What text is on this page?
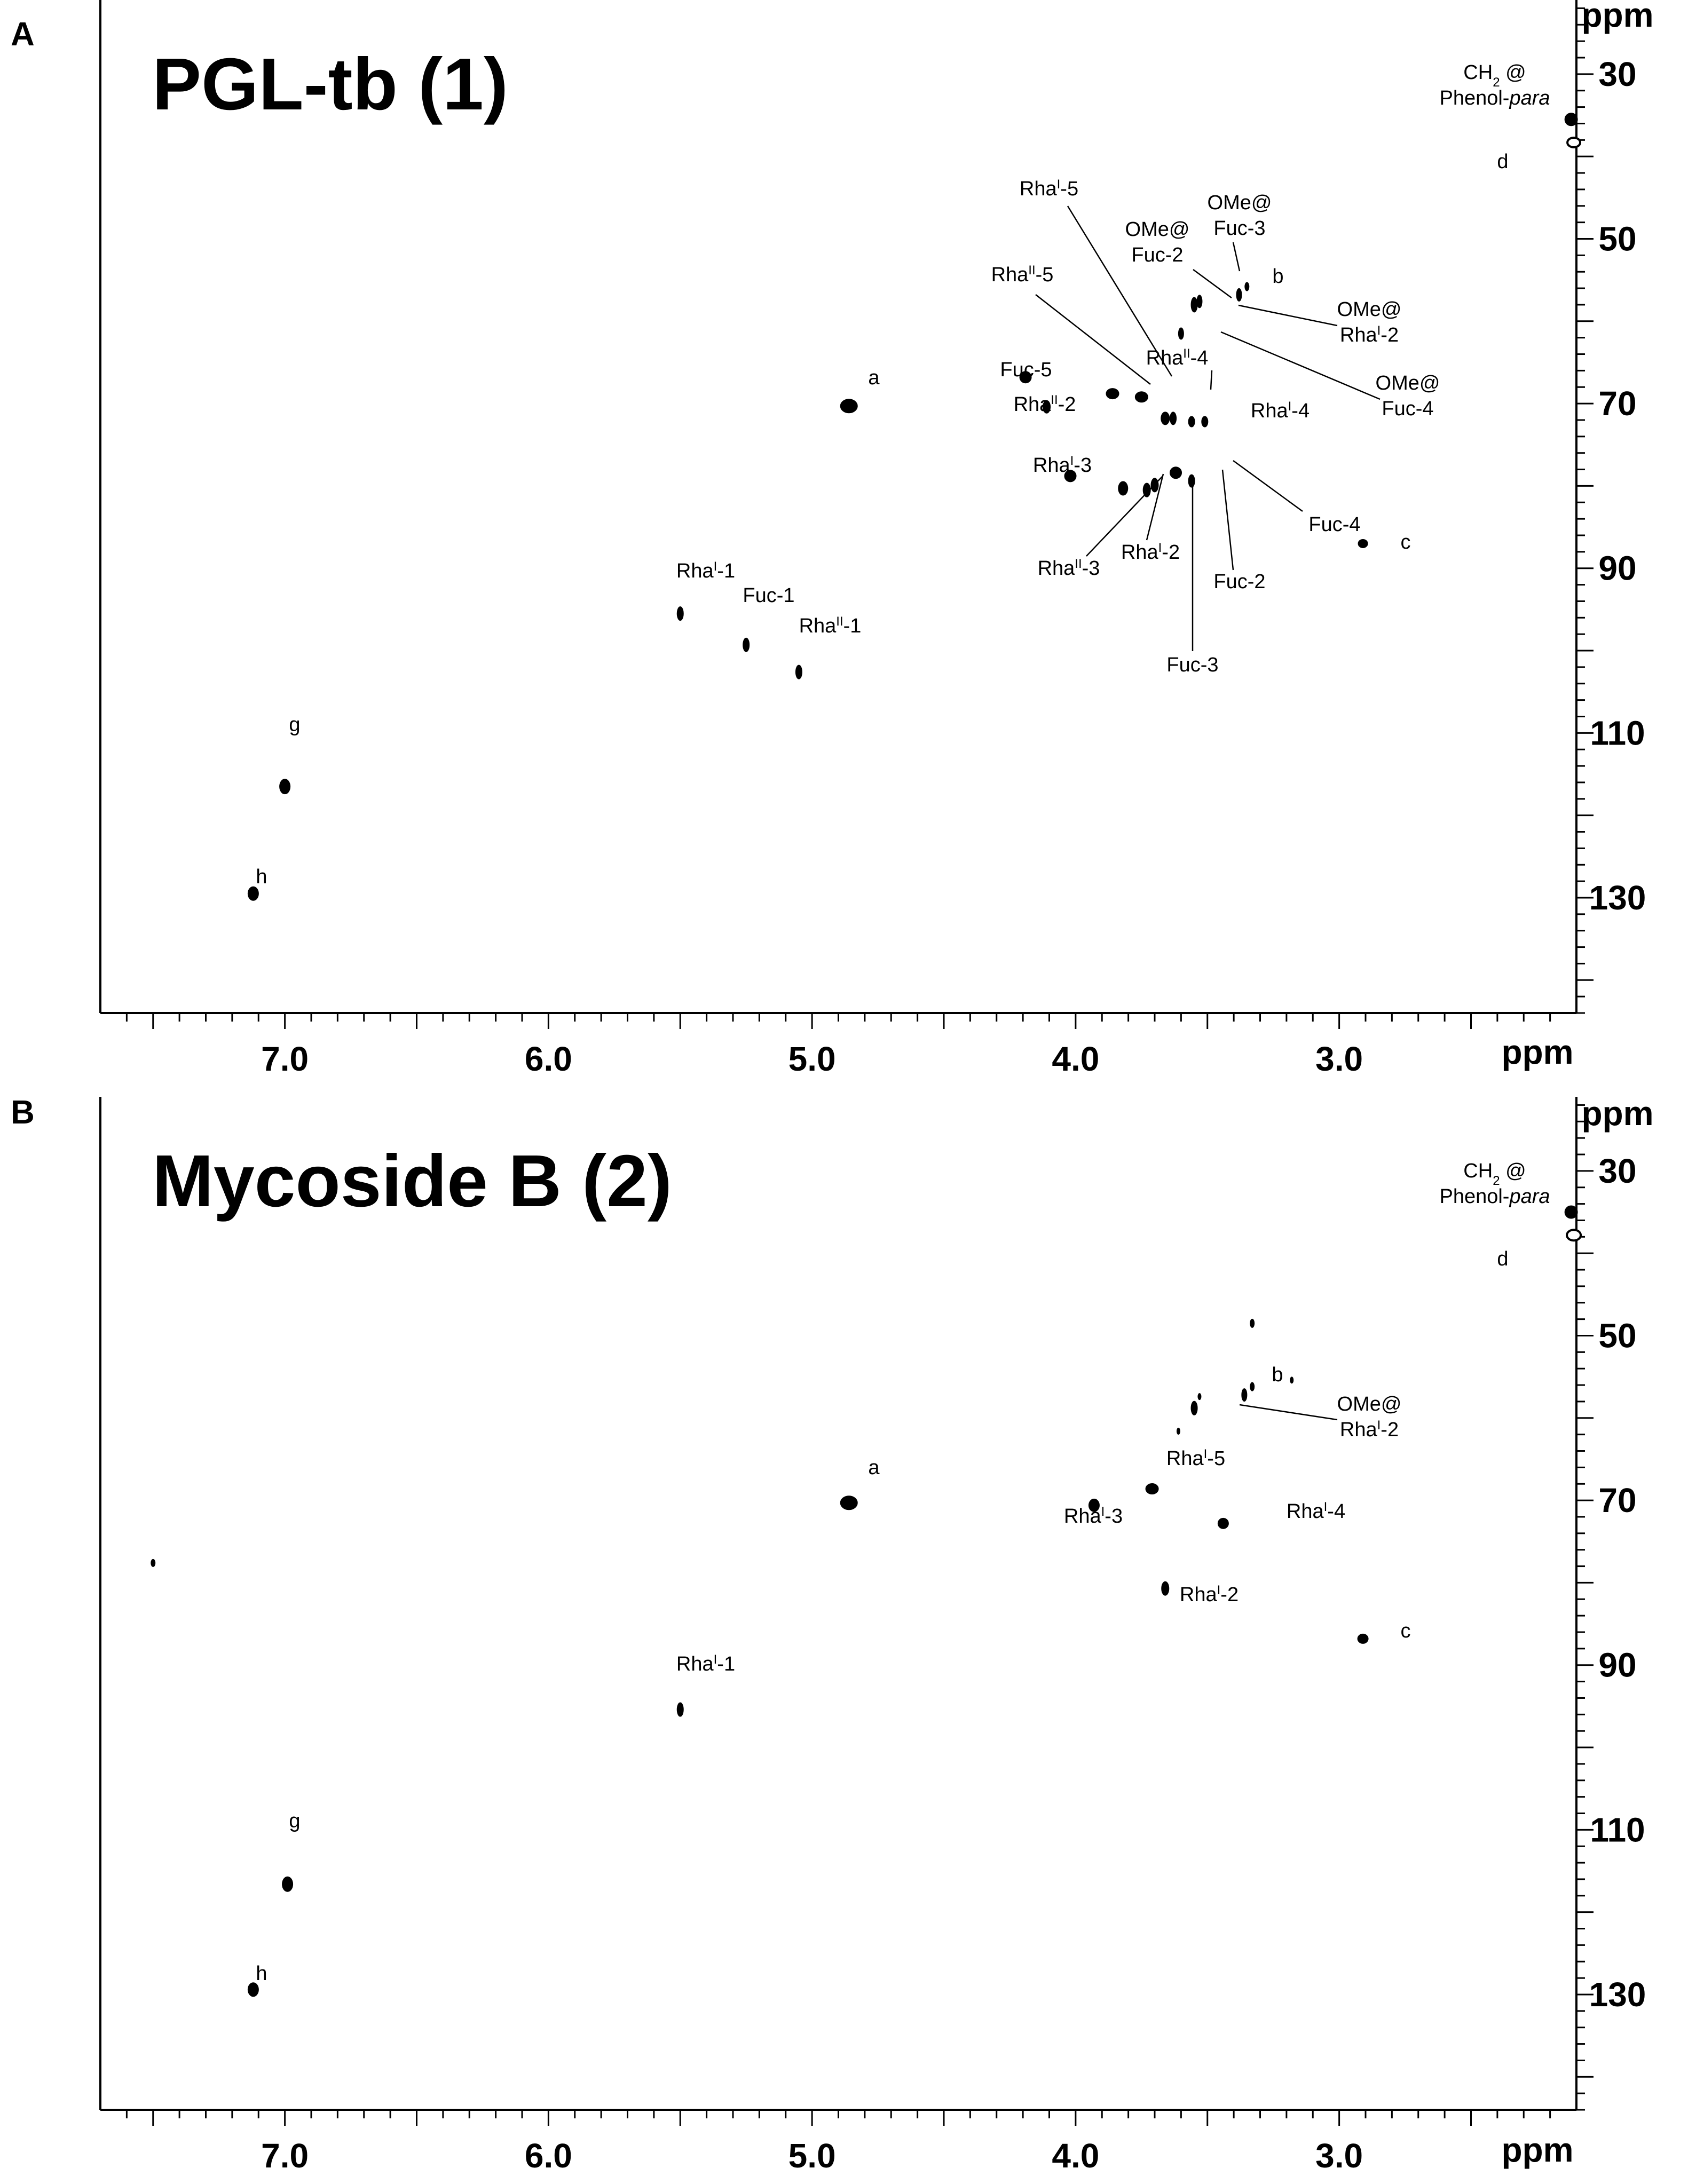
A
PGL-tb (1)
7.0	6.0	5.0	4.0	3.0	ppm
30
50
70
90
110
130
ppm
$CH_2$ @
Phenol-para
d
Rha$^I$-5
OMe@
Fuc-3
OMe@
Fuc-2
Rha$^{II}$-5	b
OMe@
Rha$^I$-2
a
Rha$^{II}$-4
Fuc-5
OMe@
Fuc-4
Rha$^{II}$-2	Rha$^I$-4
Rha$^I$-3
Fuc-4
c
Rha$^I$-1
Rha$^I$-2
Rha$^{II}$-3
Fuc-1
Fuc-2
Rha$^{II}$-1
Fuc-3
g
h
B
Mycoside B (2)
7.0	6.0	5.0	4.0	3.0	ppm
30
50
70
90
110
130
ppm
$CH_2$ @
Phenol-para
d
b
OMe@
Rha$^I$-2
a	Rha$^I$-5
Rha$^I$-3	Rha$^I$-4
Rha$^I$-2
c
Rha$^I$-1
g
h
